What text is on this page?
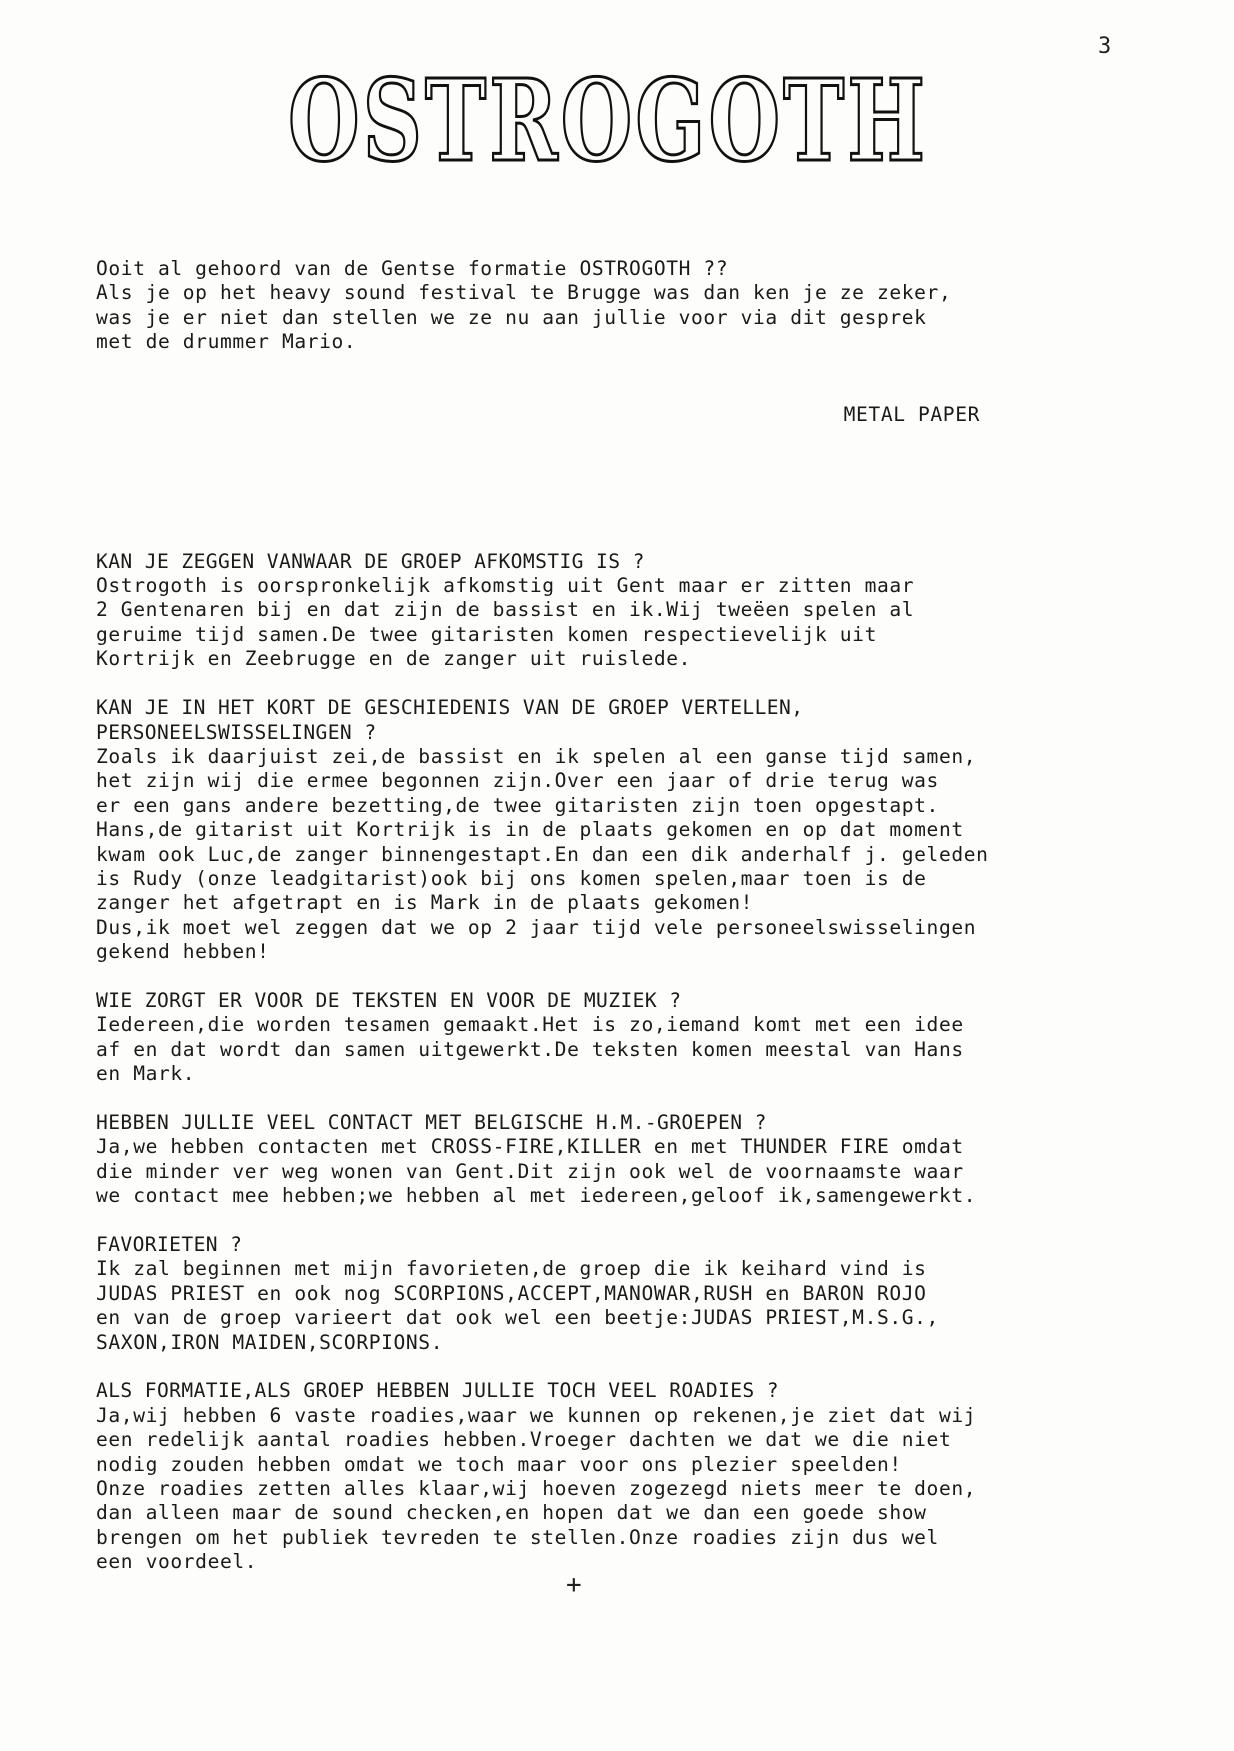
3
OSTROGOTH

Ooit al gehoord van de Gentse formatie OSTROGOTH ??
Als je op het heavy sound festival te Brugge was dan ken je ze zeker,
was je er niet dan stellen we ze nu aan jullie voor via dit gesprek
met de drummer Mario.

METAL PAPER

KAN JE ZEGGEN VANWAAR DE GROEP AFKOMSTIG IS ?
Ostrogoth is oorspronkelijk afkomstig uit Gent maar er zitten maar
2 Gentenaren bij en dat zijn de bassist en ik.Wij tweëen spelen al
geruime tijd samen.De twee gitaristen komen respectievelijk uit
Kortrijk en Zeebrugge en de zanger uit ruislede.
KAN JE IN HET KORT DE GESCHIEDENIS VAN DE GROEP VERTELLEN,
PERSONEELSWISSELINGEN ?
Zoals ik daarjuist zei,de bassist en ik spelen al een ganse tijd samen,
het zijn wij die ermee begonnen zijn.Over een jaar of drie terug was
er een gans andere bezetting,de twee gitaristen zijn toen opgestapt.
Hans,de gitarist uit Kortrijk is in de plaats gekomen en op dat moment
kwam ook Luc,de zanger binnengestapt.En dan een dik anderhalf j. geleden
is Rudy (onze leadgitarist)ook bij ons komen spelen,maar toen is de
zanger het afgetrapt en is Mark in de plaats gekomen!
Dus,ik moet wel zeggen dat we op 2 jaar tijd vele personeelswisselingen
gekend hebben!
WIE ZORGT ER VOOR DE TEKSTEN EN VOOR DE MUZIEK ?
Iedereen,die worden tesamen gemaakt.Het is zo,iemand komt met een idee
af en dat wordt dan samen uitgewerkt.De teksten komen meestal van Hans
en Mark.
HEBBEN JULLIE VEEL CONTACT MET BELGISCHE H.M.-GROEPEN ?
Ja,we hebben contacten met CROSS-FIRE,KILLER en met THUNDER FIRE omdat
die minder ver weg wonen van Gent.Dit zijn ook wel de voornaamste waar
we contact mee hebben;we hebben al met iedereen,geloof ik,samengewerkt.
FAVORIETEN ?
Ik zal beginnen met mijn favorieten,de groep die ik keihard vind is
JUDAS PRIEST en ook nog SCORPIONS,ACCEPT,MANOWAR,RUSH en BARON ROJO
en van de groep varieert dat ook wel een beetje:JUDAS PRIEST,M.S.G.,
SAXON,IRON MAIDEN,SCORPIONS.
ALS FORMATIE,ALS GROEP HEBBEN JULLIE TOCH VEEL ROADIES ?
Ja,wij hebben 6 vaste roadies,waar we kunnen op rekenen,je ziet dat wij
een redelijk aantal roadies hebben.Vroeger dachten we dat we die niet
nodig zouden hebben omdat we toch maar voor ons plezier speelden!
Onze roadies zetten alles klaar,wij hoeven zogezegd niets meer te doen,
dan alleen maar de sound checken,en hopen dat we dan een goede show
brengen om het publiek tevreden te stellen.Onze roadies zijn dus wel
een voordeel.

+
